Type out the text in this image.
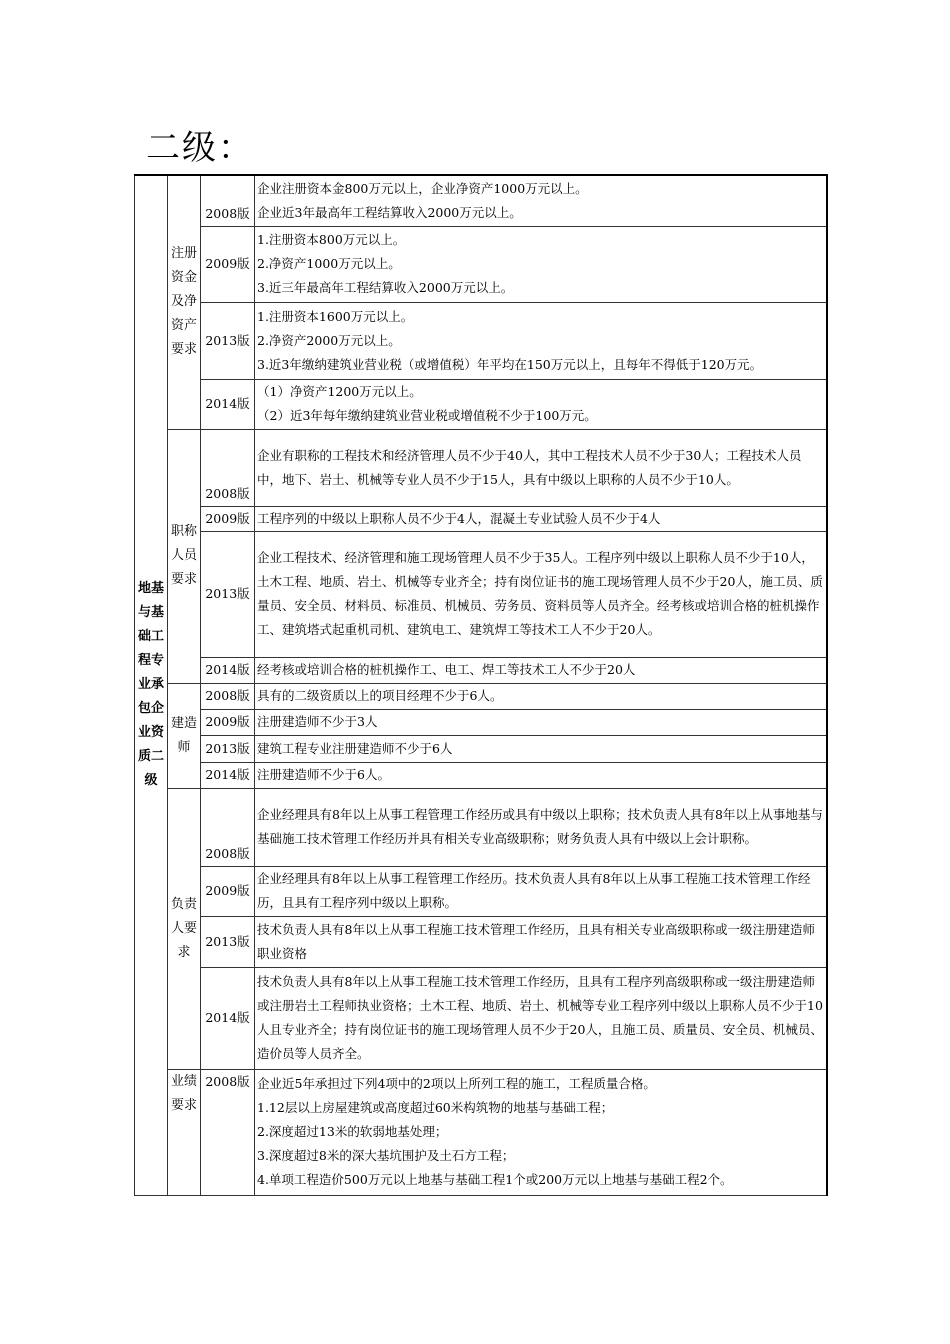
二级：
地基与基础工程专业承包企业资质二级	注册资金及净资产要求	2008版	企业注册资本金800万元以上，企业净资产1000万元以上。
企业近3年最高年工程结算收入2000万元以上。

		2009版	1.注册资本800万元以上。
2.净资产1000万元以上。
3.近三年最高年工程结算收入2000万元以上。

		2013版	1.注册资本1600万元以上。
2.净资产2000万元以上。
3.近3年缴纳建筑业营业税（或增值税）年平均在150万元以上，且每年不得低于120万元。

		2014版	（1）净资产1200万元以上。
（2）近3年每年缴纳建筑业营业税或增值税不少于100万元。

	职称人员要求	2008版	企业有职称的工程技术和经济管理人员不少于40人，其中工程技术人员不少于30人；工程技术人员中，地下、岩土、机械等专业人员不少于15人，具有中级以上职称的人员不少于10人。

		2009版	工程序列的中级以上职称人员不少于4人，混凝土专业试验人员不少于4人

		2013版	企业工程技术、经济管理和施工现场管理人员不少于35人。工程序列中级以上职称人员不少于10人，土木工程、地质、岩土、机械等专业齐全；持有岗位证书的施工现场管理人员不少于20人，施工员、质量员、安全员、材料员、标准员、机械员、劳务员、资料员等人员齐全。经考核或培训合格的桩机操作工、建筑塔式起重机司机、建筑电工、建筑焊工等技术工人不少于20人。

		2014版	经考核或培训合格的桩机操作工、电工、焊工等技术工人不少于20人

	建造师	2008版	具有的二级资质以上的项目经理不少于6人。

		2009版	注册建造师不少于3人

		2013版	建筑工程专业注册建造师不少于6人

		2014版	注册建造师不少于6人。

	负责人要求	2008版	企业经理具有8年以上从事工程管理工作经历或具有中级以上职称；技术负责人具有8年以上从事地基与基础施工技术管理工作经历并具有相关专业高级职称；财务负责人具有中级以上会计职称。

		2009版	企业经理具有8年以上从事工程管理工作经历。技术负责人具有8年以上从事工程施工技术管理工作经历，且具有工程序列中级以上职称。

		2013版	技术负责人具有8年以上从事工程施工技术管理工作经历，且具有相关专业高级职称或一级注册建造师职业资格

		2014版	技术负责人具有8年以上从事工程施工技术管理工作经历，且具有工程序列高级职称或一级注册建造师或注册岩土工程师执业资格；土木工程、地质、岩土、机械等专业工程序列中级以上职称人员不少于10人且专业齐全；持有岗位证书的施工现场管理人员不少于20人，且施工员、质量员、安全员、机械员、造价员等人员齐全。

	业绩要求	2008版	企业近5年承担过下列4项中的2项以上所列工程的施工，工程质量合格。
1.12层以上房屋建筑或高度超过60米构筑物的地基与基础工程；
2.深度超过13米的软弱地基处理；
3.深度超过8米的深大基坑围护及土石方工程；
4.单项工程造价500万元以上地基与基础工程1个或200万元以上地基与基础工程2个。
